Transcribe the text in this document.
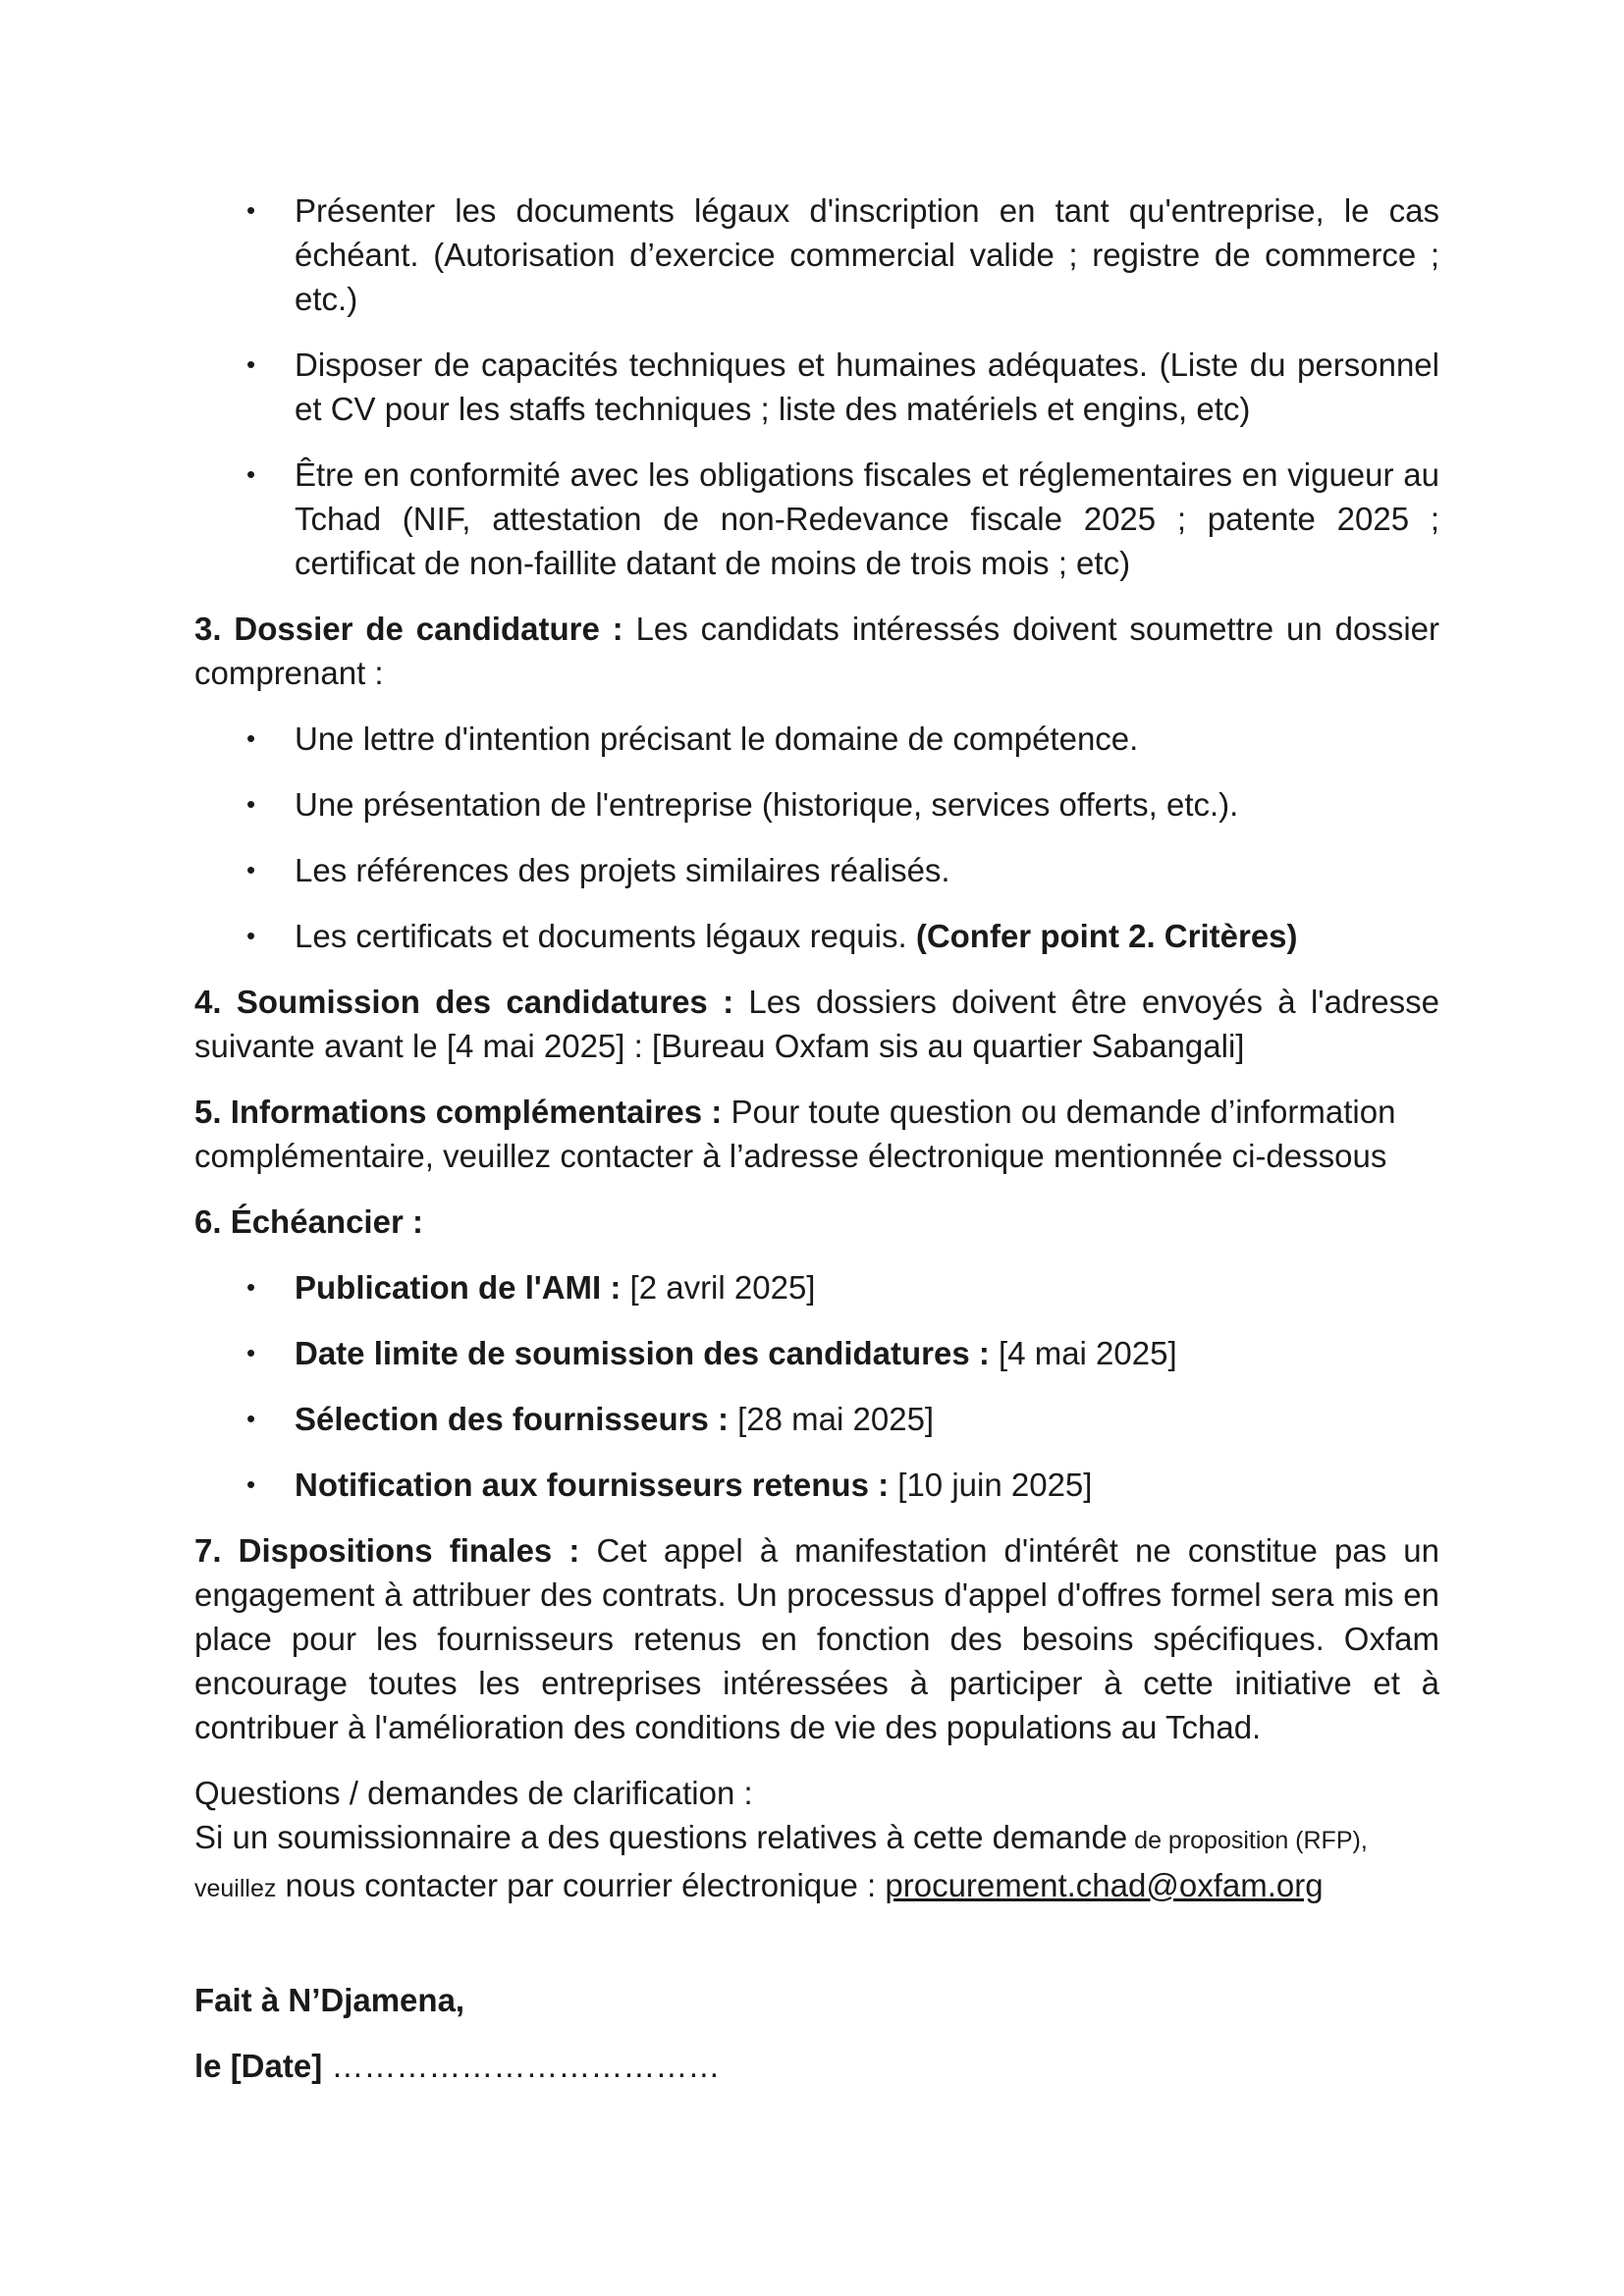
• Présenter les documents légaux d'inscription en tant qu'entreprise, le cas échéant. (Autorisation d’exercice commercial valide ; registre de commerce ; etc.)
• Disposer de capacités techniques et humaines adéquates. (Liste du personnel et CV pour les staffs techniques ; liste des matériels et engins, etc)
• Être en conformité avec les obligations fiscales et réglementaires en vigueur au Tchad (NIF, attestation de non-Redevance fiscale 2025 ; patente 2025 ; certificat de non-faillite datant de moins de trois mois ; etc)

3. Dossier de candidature : Les candidats intéressés doivent soumettre un dossier comprenant :

• Une lettre d'intention précisant le domaine de compétence.
• Une présentation de l'entreprise (historique, services offerts, etc.).
• Les références des projets similaires réalisés.
• Les certificats et documents légaux requis. (Confer point 2. Critères)

4. Soumission des candidatures : Les dossiers doivent être envoyés à l'adresse suivante avant le [4 mai 2025] : [Bureau Oxfam sis au quartier Sabangali]

5. Informations complémentaires : Pour toute question ou demande d’information complémentaire, veuillez contacter à l’adresse électronique mentionnée ci-dessous

6. Échéancier :

• Publication de l'AMI : [2 avril 2025]
• Date limite de soumission des candidatures : [4 mai 2025]
• Sélection des fournisseurs : [28 mai 2025]
• Notification aux fournisseurs retenus : [10 juin 2025]

7. Dispositions finales : Cet appel à manifestation d'intérêt ne constitue pas un engagement à attribuer des contrats. Un processus d'appel d'offres formel sera mis en place pour les fournisseurs retenus en fonction des besoins spécifiques. Oxfam encourage toutes les entreprises intéressées à participer à cette initiative et à contribuer à l'amélioration des conditions de vie des populations au Tchad.

Questions / demandes de clarification :
Si un soumissionnaire a des questions relatives à cette demande de proposition (RFP),
veuillez nous contacter par courrier électronique : procurement.chad@oxfam.org

Fait à N’Djamena,

le [Date] ………………………………
